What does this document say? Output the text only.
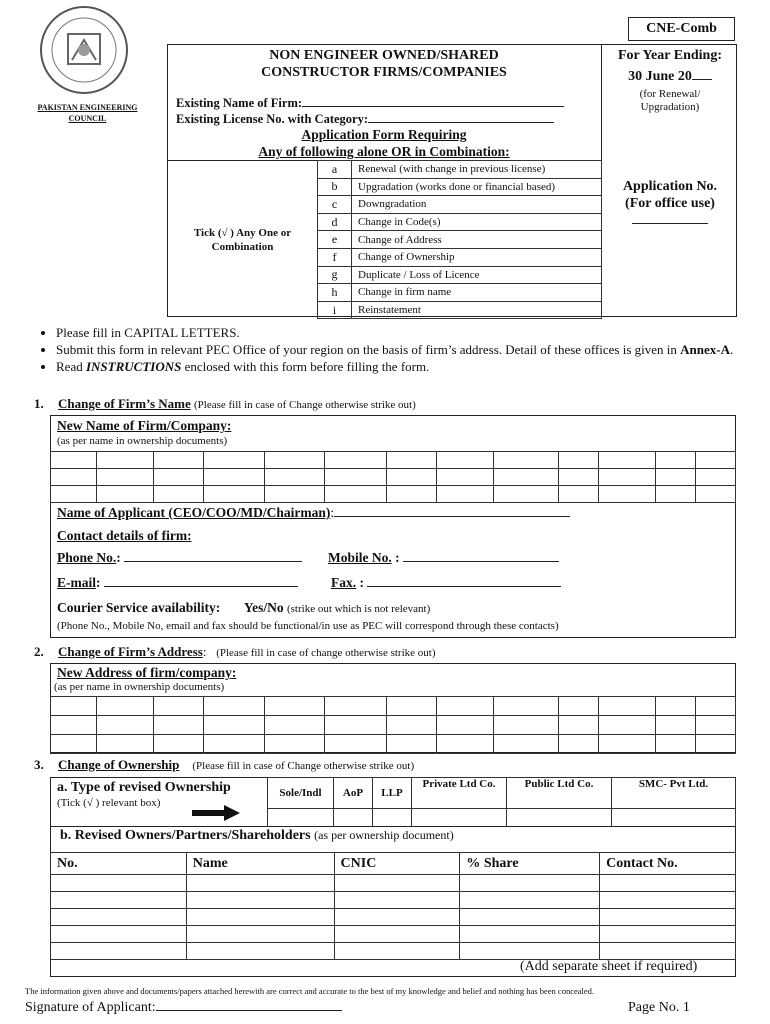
PAKISTAN ENGINEERING COUNCIL
CNE-Comb
NON ENGINEER OWNED/SHARED
CONSTRUCTOR FIRMS/COMPANIES
Existing Name of Firm:
Existing License No. with Category:
Application Form Requiring
Any of following alone OR in Combination:
For Year Ending:
30 June 20
(for Renewal/
Upgradation)
Tick (√ ) Any One or
Combination
a	Renewal (with change in previous license)
b	Upgradation (works done or financial based)
c	Downgradation
d	Change in Code(s)
e	Change of Address
f	Change of Ownership
g	Duplicate / Loss of Licence
h	Change in firm name
i	Reinstatement
Application No.
(For office use)
• Please fill in CAPITAL LETTERS.
• Submit this form in relevant PEC Office of your region on the basis of firm’s address. Detail of these offices is given in Annex-A.
• Read INSTRUCTIONS enclosed with this form before filling the form.
1. Change of Firm’s Name (Please fill in case of Change otherwise strike out)
New Name of Firm/Company:
(as per name in ownership documents)

Name of Applicant (CEO/COO/MD/Chairman):
Contact details of firm:
Phone No.:	Mobile No. :
E-mail:	Fax. :
Courier Service availability: Yes/No (strike out which is not relevant)
(Phone No., Mobile No, email and fax should be functional/in use as PEC will correspond through these contacts)
2. Change of Firm’s Address:   (Please fill in case of change otherwise strike out)
New Address of firm/company:
(as per name in ownership documents)

3. Change of Ownership (Please fill in case of Change otherwise strike out)
a. Type of revised Ownership
(Tick (√ ) relevant box)
Sole/Indl	AoP	LLP	Private Ltd Co.	Public Ltd Co.	SMC- Pvt Ltd.

b. Revised Owners/Partners/Shareholders (as per ownership document)
No.	Name	CNIC	% Share	Contact No.

(Add separate sheet if required)
The information given above and documents/papers attached herewith are correct and accurate to the best of my knowledge and belief and nothing has been concealed.
Signature of Applicant:	Page No. 1
